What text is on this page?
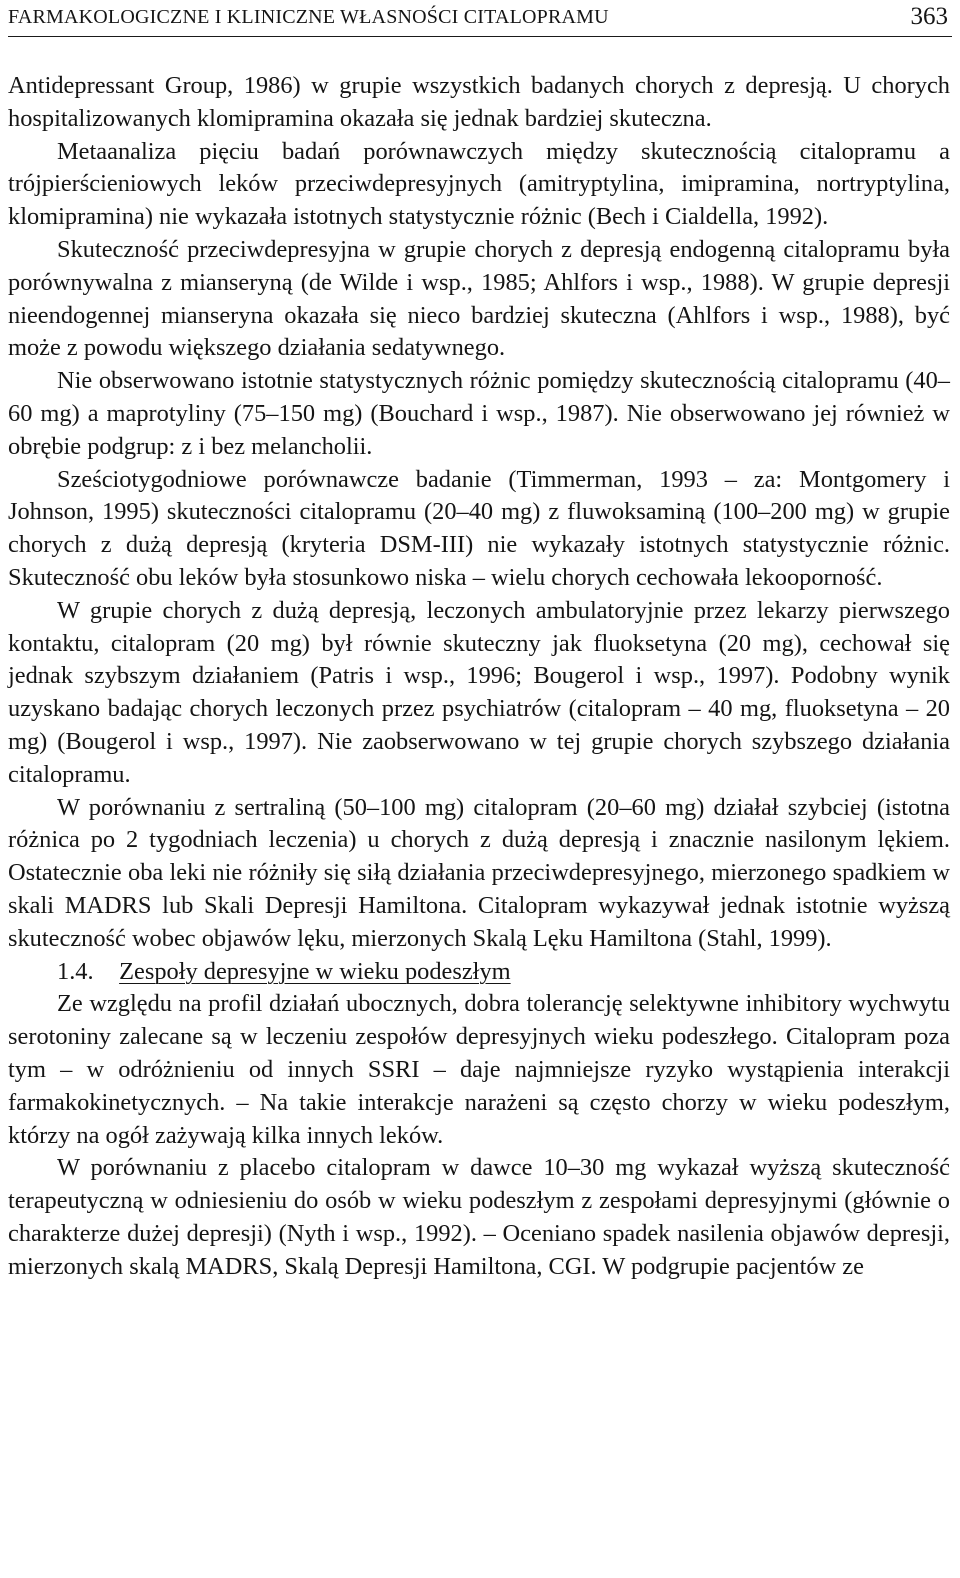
FARMAKOLOGICZNE I KLINICZNE WŁASNOŚCI CITALOPRAMU	363

Antidepressant Group, 1986) w grupie wszystkich badanych chorych z depresją. U chorych hospitalizowanych klomipramina okazała się jednak bardziej skuteczna.

Metaanaliza pięciu badań porównawczych między skutecznością citalopramu a trójpierścieniowych leków przeciwdepresyjnych (amitryptylina, imipramina, nortryptylina, klomipramina) nie wykazała istotnych statystycznie różnic (Bech i Cialdella, 1992).

Skuteczność przeciwdepresyjna w grupie chorych z depresją endogenną citalopramu była porównywalna z mianseryną (de Wilde i wsp., 1985; Ahlfors i wsp., 1988). W grupie depresji nieendogennej mianseryna okazała się nieco bardziej skuteczna (Ahlfors i wsp., 1988), być może z powodu większego działania sedatywnego.

Nie obserwowano istotnie statystycznych różnic pomiędzy skutecznością citalopramu (40–60 mg) a maprotyliny (75–150 mg) (Bouchard i wsp., 1987). Nie obserwowano jej również w obrębie podgrup: z i bez melancholii.

Sześciotygodniowe porównawcze badanie (Timmerman, 1993 – za: Montgomery i Johnson, 1995) skuteczności citalopramu (20–40 mg) z fluwoksaminą (100–200 mg) w grupie chorych z dużą depresją (kryteria DSM-III) nie wykazały istotnych statystycznie różnic. Skuteczność obu leków była stosunkowo niska – wielu chorych cechowała lekooporność.

W grupie chorych z dużą depresją, leczonych ambulatoryjnie przez lekarzy pierwszego kontaktu, citalopram (20 mg) był równie skuteczny jak fluoksetyna (20 mg), cechował się jednak szybszym działaniem (Patris i wsp., 1996; Bougerol i wsp., 1997). Podobny wynik uzyskano badając chorych leczonych przez psychiatrów (citalopram – 40 mg, fluoksetyna – 20 mg) (Bougerol i wsp., 1997). Nie zaobserwowano w tej grupie chorych szybszego działania citalopramu.

W porównaniu z sertraliną (50–100 mg) citalopram (20–60 mg) działał szybciej (istotna różnica po 2 tygodniach leczenia) u chorych z dużą depresją i znacznie nasilonym lękiem. Ostatecznie oba leki nie różniły się siłą działania przeciwdepresyjnego, mierzonego spadkiem w skali MADRS lub Skali Depresji Hamiltona. Citalopram wykazywał jednak istotnie wyższą skuteczność wobec objawów lęku, mierzonych Skalą Lęku Hamiltona (Stahl, 1999).

1.4. Zespoły depresyjne w wieku podeszłym

Ze względu na profil działań ubocznych, dobra tolerancję selektywne inhibitory wychwytu serotoniny zalecane są w leczeniu zespołów depresyjnych wieku podeszłego. Citalopram poza tym – w odróżnieniu od innych SSRI – daje najmniejsze ryzyko wystąpienia interakcji farmakokinetycznych. – Na takie interakcje narażeni są często chorzy w wieku podeszłym, którzy na ogół zażywają kilka innych leków.

W porównaniu z placebo citalopram w dawce 10–30 mg wykazał wyższą skuteczność terapeutyczną w odniesieniu do osób w wieku podeszłym z zespołami depresyjnymi (głównie o charakterze dużej depresji) (Nyth i wsp., 1992). – Oceniano spadek nasilenia objawów depresji, mierzonych skalą MADRS, Skalą Depresji Hamiltona, CGI. W podgrupie pacjentów ze
